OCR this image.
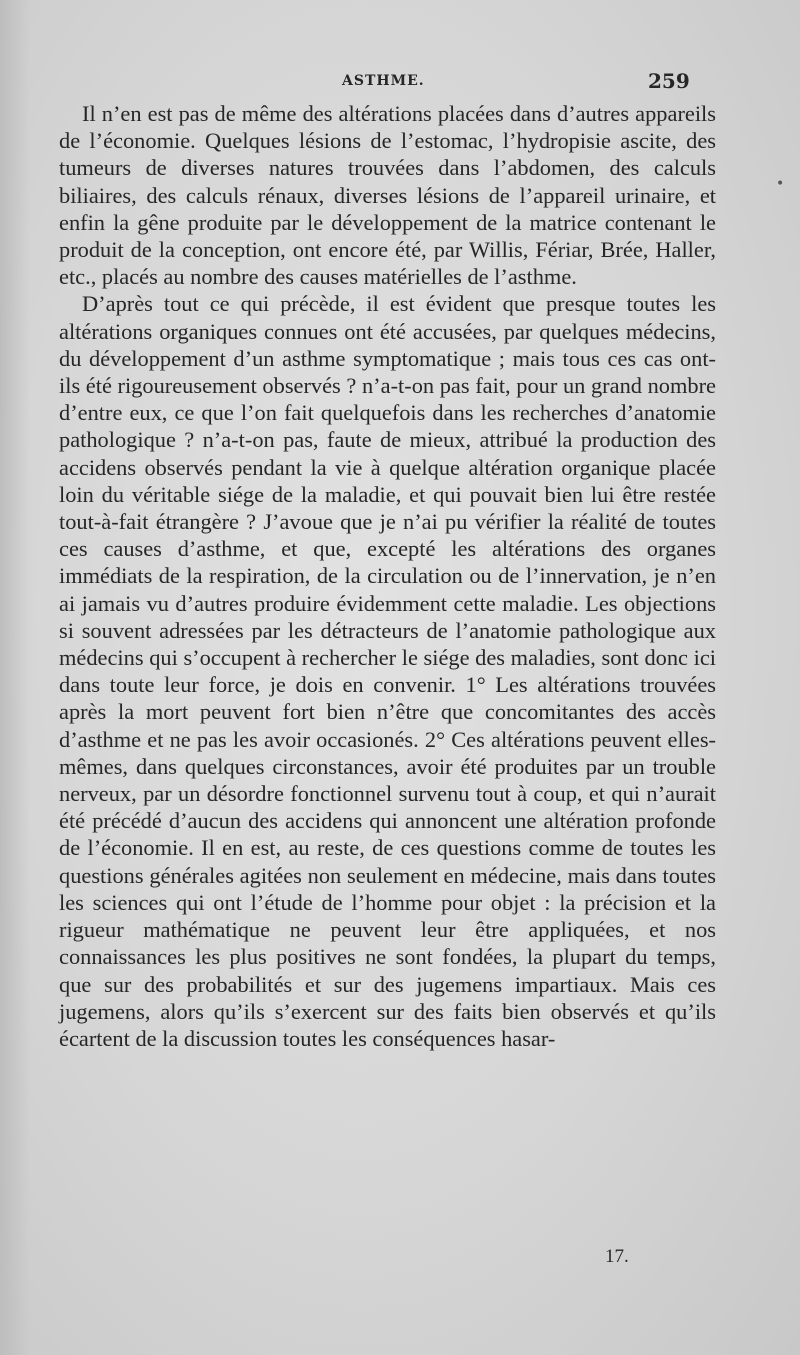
ASTHME.	259
•

Il n’en est pas de même des altérations placées dans d’autres appareils de l’économie. Quelques lésions de l’estomac, l’hydropisie ascite, des tumeurs de diverses natures trouvées dans l’abdomen, des calculs biliaires, des calculs rénaux, diverses lésions de l’appareil urinaire, et enfin la gêne produite par le développement de la matrice contenant le produit de la conception, ont encore été, par Willis, Fériar, Brée, Haller, etc., placés au nombre des causes matérielles de l’asthme.

D’après tout ce qui précède, il est évident que presque toutes les altérations organiques connues ont été accusées, par quelques médecins, du développement d’un asthme symptomatique ; mais tous ces cas ont-ils été rigoureusement observés ? n’a-t-on pas fait, pour un grand nombre d’entre eux, ce que l’on fait quelquefois dans les recherches d’anatomie pathologique ? n’a-t-on pas, faute de mieux, attribué la production des accidens observés pendant la vie à quelque altération organique placée loin du véritable siége de la maladie, et qui pouvait bien lui être restée tout-à-fait étrangère ? J’avoue que je n’ai pu vérifier la réalité de toutes ces causes d’asthme, et que, excepté les altérations des organes immédiats de la respiration, de la circulation ou de l’innervation, je n’en ai jamais vu d’autres produire évidemment cette maladie. Les objections si souvent adressées par les détracteurs de l’anatomie pathologique aux médecins qui s’occupent à rechercher le siége des maladies, sont donc ici dans toute leur force, je dois en convenir. 1° Les altérations trouvées après la mort peuvent fort bien n’être que concomitantes des accès d’asthme et ne pas les avoir occasionés. 2° Ces altérations peuvent elles-mêmes, dans quelques circonstances, avoir été produites par un trouble nerveux, par un désordre fonctionnel survenu tout à coup, et qui n’aurait été précédé d’aucun des accidens qui annoncent une altération profonde de l’économie. Il en est, au reste, de ces questions comme de toutes les questions générales agitées non seulement en médecine, mais dans toutes les sciences qui ont l’étude de l’homme pour objet : la précision et la rigueur mathématique ne peuvent leur être appliquées, et nos connaissances les plus positives ne sont fondées, la plupart du temps, que sur des probabilités et sur des jugemens impartiaux. Mais ces jugemens, alors qu’ils s’exercent sur des faits bien observés et qu’ils écartent de la discussion toutes les conséquences hasar-

17.
